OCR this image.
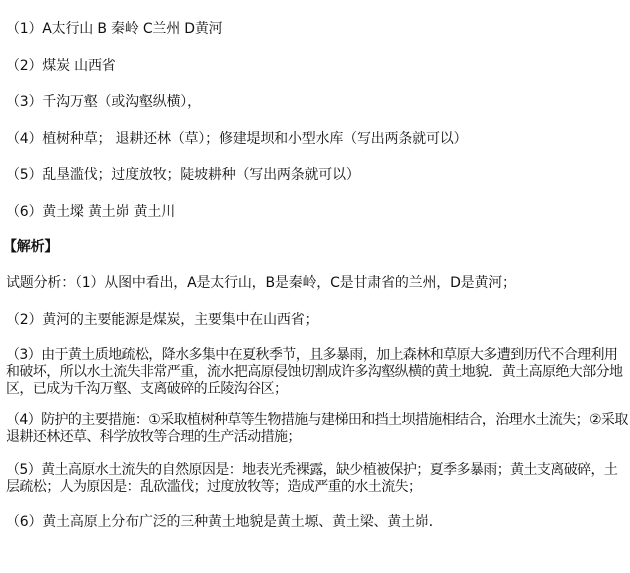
（1）A太行山 B 秦岭 C兰州 D黄河
（2）煤炭 山西省
（3）千沟万壑（或沟壑纵横），
（4）植树种草； 退耕还林（草）；修建堤坝和小型水库（写出两条就可以）
（5）乱垦滥伐；过度放牧；陡坡耕种（写出两条就可以）
（6）黄土墚 黄土峁 黄土川
【解析】
试题分析：（1）从图中看出，A是太行山，B是秦岭，C是甘肃省的兰州，D是黄河；
（2）黄河的主要能源是煤炭，主要集中在山西省；
（3）由于黄土质地疏松，降水多集中在夏秋季节，且多暴雨，加上森林和草原大多遭到历代不合理利用和破坏，所以水土流失非常严重，流水把高原侵蚀切割成许多沟壑纵横的黄土地貌．黄土高原绝大部分地区，已成为千沟万壑、支离破碎的丘陵沟谷区；
（4）防护的主要措施：①采取植树种草等生物措施与建梯田和挡土坝措施相结合，治理水土流失；②采取退耕还林还草、科学放牧等合理的生产活动措施；
（5）黄土高原水土流失的自然原因是：地表光秃裸露，缺少植被保护；夏季多暴雨；黄土支离破碎，土层疏松；人为原因是：乱砍滥伐；过度放牧等；造成严重的水土流失；
（6）黄土高原上分布广泛的三种黄土地貌是黄土塬、黄土梁、黄土峁．
